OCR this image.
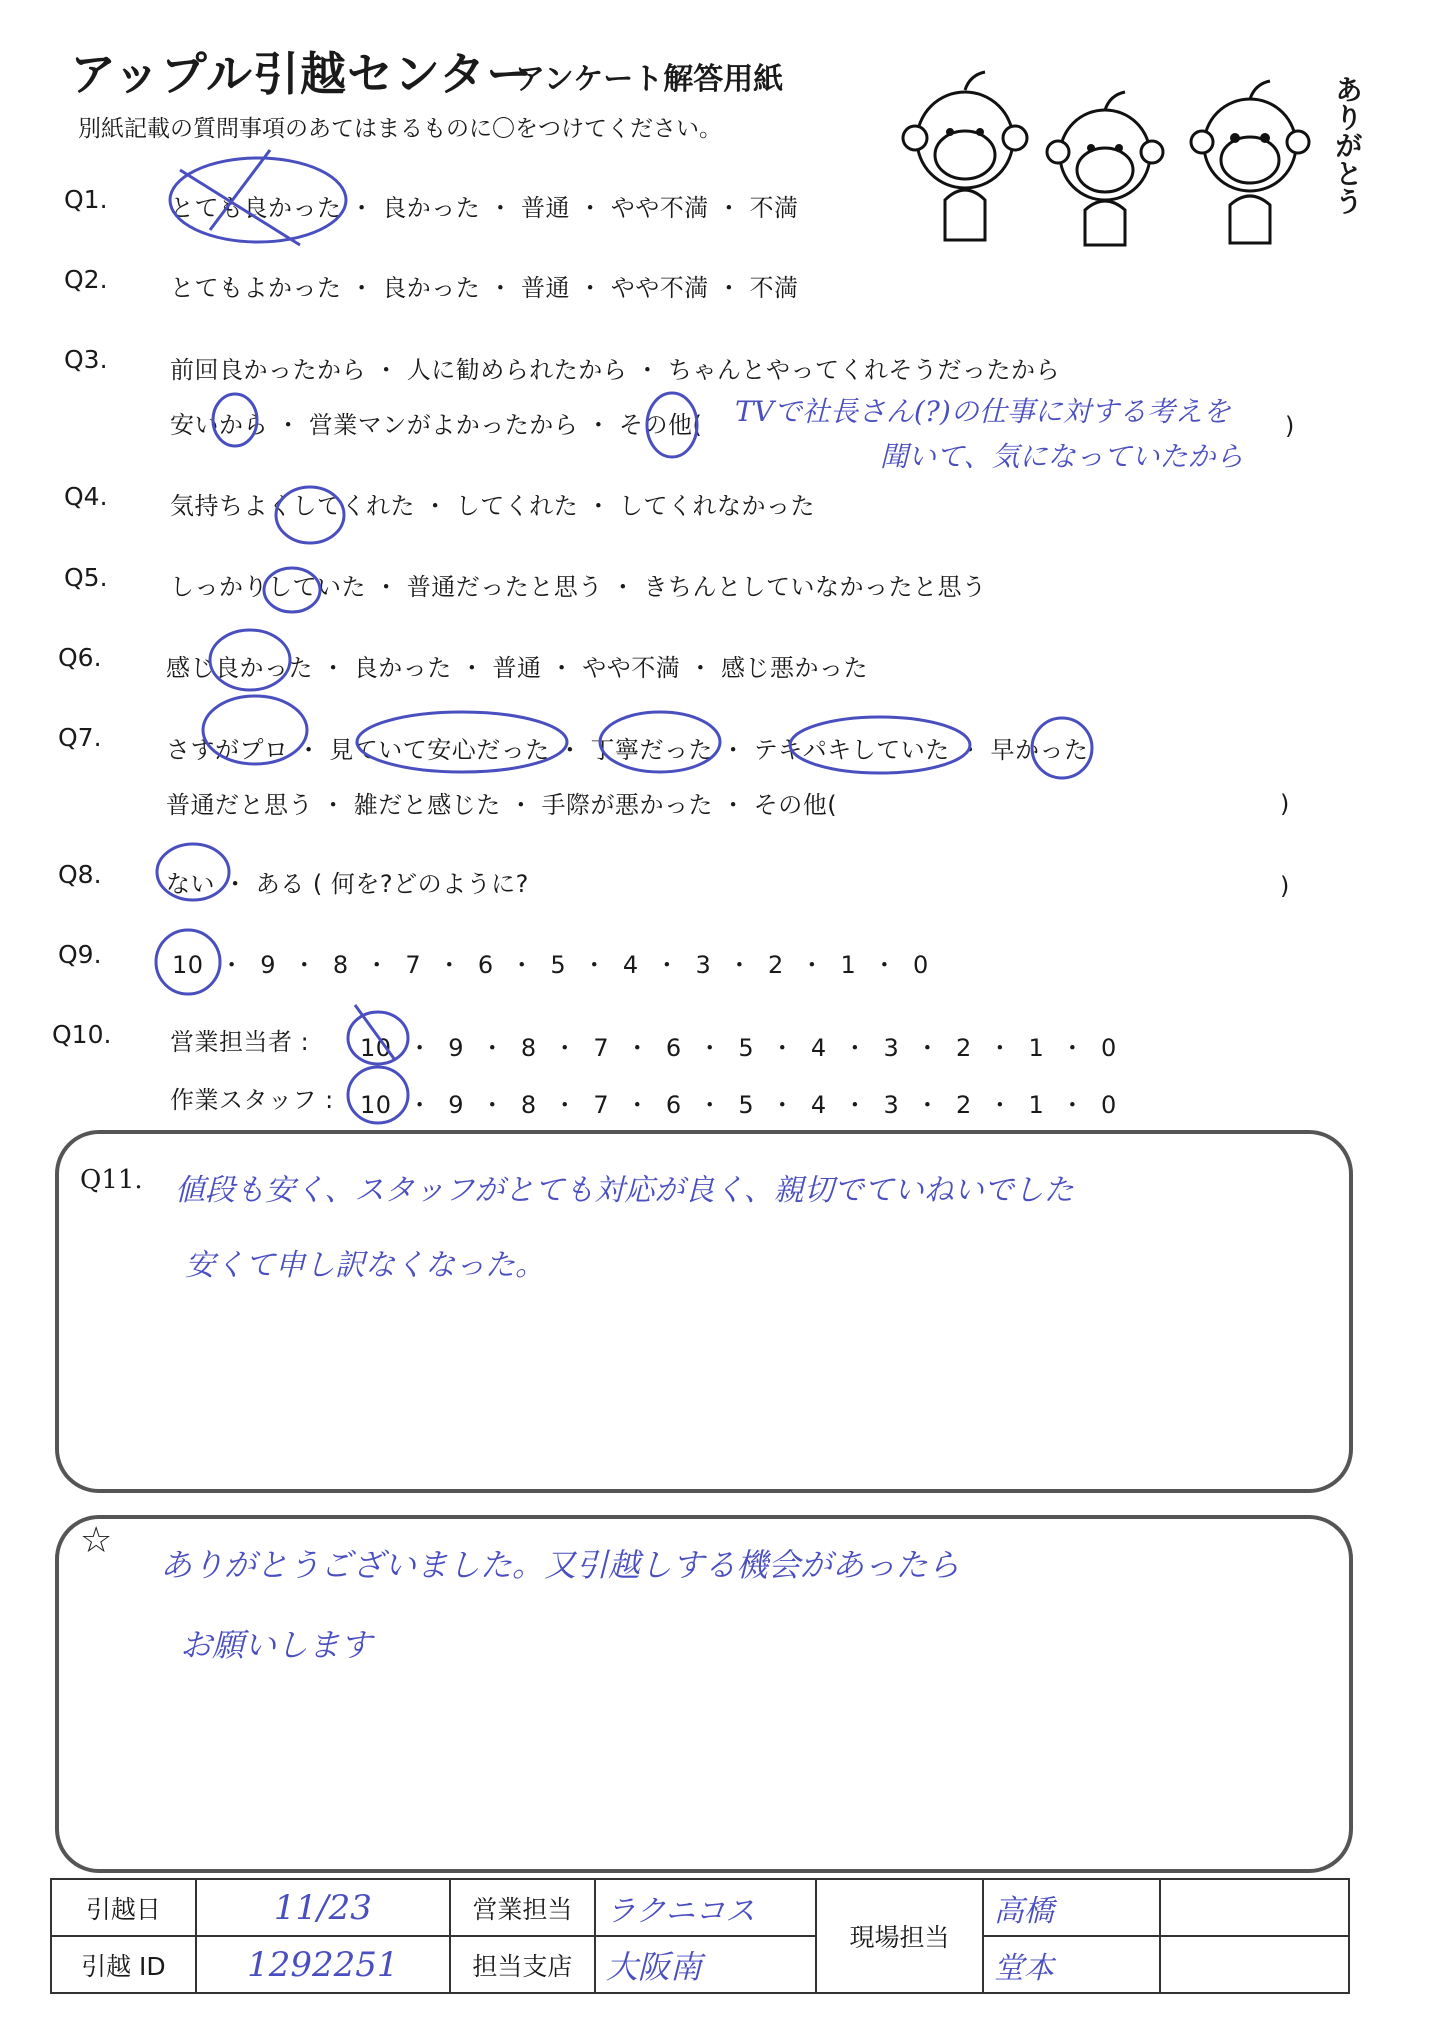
アップル引越センター
アンケート解答用紙
別紙記載の質問事項のあてはまるものに〇をつけてください。	ありがとう
Q1.	とても良かった ・ 良かった ・ 普通 ・ やや不満 ・ 不満
Q2.	とてもよかった ・ 良かった ・ 普通 ・ やや不満 ・ 不満
Q3.	前回良かったから ・ 人に勧められたから ・ ちゃんとやってくれそうだったから
安いから ・ 営業マンがよかったから ・ その他(	)
TVで社長さん(?)の仕事に対する考えを
聞いて、気になっていたから
Q4.	気持ちよくしてくれた ・ してくれた ・ してくれなかった
Q5.	しっかりしていた ・ 普通だったと思う ・ きちんとしていなかったと思う
Q6.	感じ良かった ・ 良かった ・ 普通 ・ やや不満 ・ 感じ悪かった
Q7.	さすがプロ ・ 見ていて安心だった ・ 丁寧だった ・ テキパキしていた ・ 早かった
普通だと思う ・ 雑だと感じた ・ 手際が悪かった ・ その他(	)
Q8.	ない ・ ある ( 何を?どのように?	)
Q9.	10 ・ 9 ・ 8 ・ 7 ・ 6 ・ 5 ・ 4 ・ 3 ・ 2 ・ 1 ・ 0
Q10. 営業担当者 : 10 ・ 9 ・ 8 ・ 7 ・ 6 ・ 5 ・ 4 ・ 3 ・ 2 ・ 1 ・ 0
作業スタッフ : 10 ・ 9 ・ 8 ・ 7 ・ 6 ・ 5 ・ 4 ・ 3 ・ 2 ・ 1 ・ 0
Q11. 値段も安く、スタッフがとても対応が良く、親切でていねいでした
安くて申し訳なくなった。
☆
ありがとうございました。又引越しする機会があったら
お願いします
引越日	11/23	営業担当	ラクニコス	現場担当	高橋	
引越 ID	1292251	担当支店	大阪南		堂本	
